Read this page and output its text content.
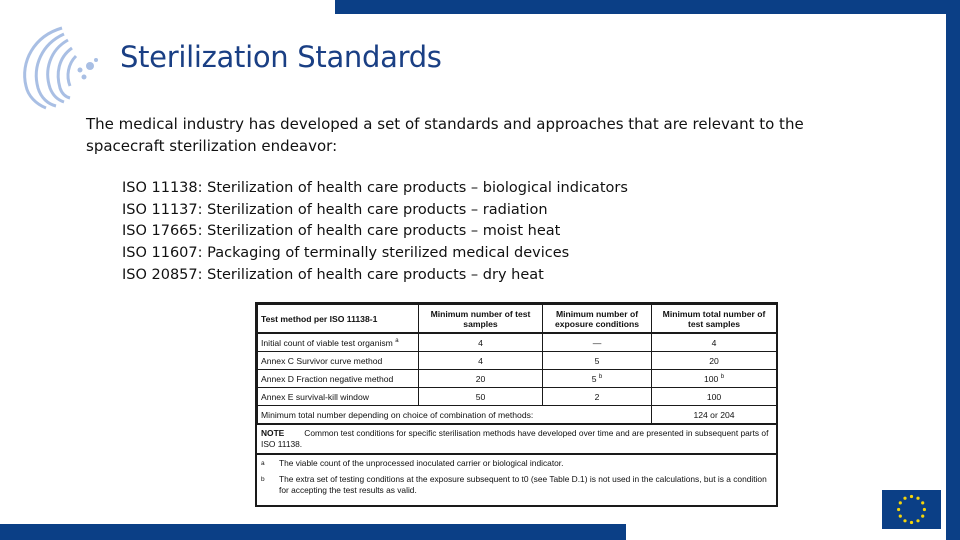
Sterilization Standards
The medical industry has developed a set of standards and approaches that are relevant to the spacecraft sterilization endeavor:
ISO 11138: Sterilization of health care products – biological indicators
ISO 11137: Sterilization of health care products – radiation
ISO 17665: Sterilization of health care products – moist heat
ISO 11607: Packaging of terminally sterilized medical devices
ISO 20857: Sterilization of health care products – dry heat
Test method per ISO 11138-1	Minimum number of test samples	Minimum number of exposure conditions	Minimum total number of test samples
Initial count of viable test organism $^a$	4	—	4
Annex C Survivor curve method	4	5	20
Annex D Fraction negative method	20	5 $^b$	100 $^b$
Annex E survival-kill window	50	2	100
Minimum total number depending on choice of combination of methods:			124 or 204
NOTE Common test conditions for specific sterilisation methods have developed over time and are presented in subsequent parts of ISO 11138.
a The viable count of the unprocessed inoculated carrier or biological indicator.
b	The extra set of testing conditions at the exposure subsequent to t0 (see Table D.1) is not used in the calculations, but is a condition for accepting the test results as valid.
